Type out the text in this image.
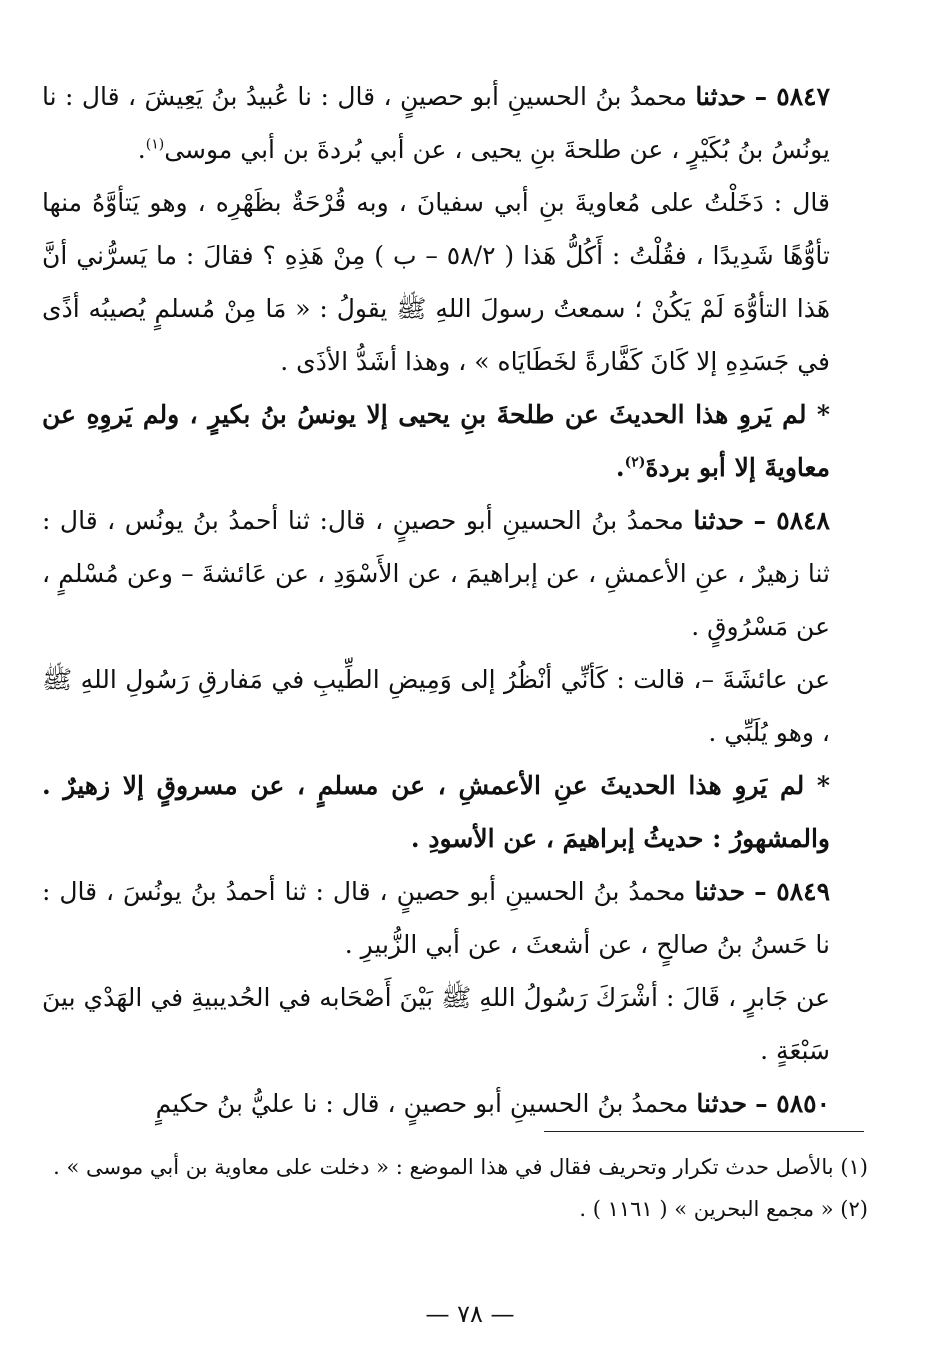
٥٨٤٧ – حدثنا محمدُ بنُ الحسينِ أبو حصينٍ ، قال : نا عُبيدُ بنُ يَعِيشَ ، قال : نا يونُسُ بنُ بُكَيْرٍ ، عن طلحةَ بنِ يحيى ، عن أبي بُردةَ بن أبي موسى$^{(١)}$.

قال : دَخَلْتُ على مُعاويةَ بنِ أبي سفيانَ ، وبه قُرْحَةٌ بظَهْرِه ، وهو يَتأوَّهُ منها تأوُّهًا شَدِيدًا ، فقُلْتُ : أَكُلُّ هَذا ( ٥٨/٢ – ب ) مِنْ هَذِهِ ؟ فقالَ : ما يَسرُّني أنَّ هَذا التأوُّهَ لَمْ يَكُنْ ؛ سمعتُ رسولَ اللهِ ﷺ يقولُ : « مَا مِنْ مُسلمٍ يُصيبُه أذًى في جَسَدِهِ إلا كَانَ كَفَّارةً لخَطَايَاه » ، وهذا أشَدُّ الأذَى .

* لم يَروِ هذا الحديثَ عن طلحةَ بنِ يحيى إلا يونسُ بنُ بكيرٍ ، ولم يَروِهِ عن معاويةَ إلا أبو بردةَ$^{(٢)}$.

٥٨٤٨ – حدثنا محمدُ بنُ الحسينِ أبو حصينٍ ، قال: ثنا أحمدُ بنُ يونُس ، قال : ثنا زهيرٌ ، عنِ الأعمشِ ، عن إبراهيمَ ، عن الأَسْوَدِ ، عن عَائشةَ – وعن مُسْلمٍ ، عن مَسْرُوقٍ .

عن عائشَةَ –، قالت : كَأنِّي أنْظُرُ إلى وَمِيضِ الطِّيبِ في مَفارقِ رَسُولِ اللهِ ﷺ ، وهو يُلَبِّي .

* لم يَروِ هذا الحديثَ عنِ الأعمشِ ، عن مسلمٍ ، عن مسروقٍ إلا زهيرٌ . والمشهورُ : حديثُ إبراهيمَ ، عن الأسودِ .

٥٨٤٩ – حدثنا محمدُ بنُ الحسينِ أبو حصينٍ ، قال : ثنا أحمدُ بنُ يونُسَ ، قال : نا حَسنُ بنُ صالحٍ ، عن أشعثَ ، عن أبي الزُّبيرِ .

عن جَابرٍ ، قَالَ : أشْرَكَ رَسُولُ اللهِ ﷺ بَيْنَ أَصْحَابه في الحُديبيةِ في الهَدْي بينَ سَبْعَةٍ .

٥٨٥٠ – حدثنا محمدُ بنُ الحسينِ أبو حصينٍ ، قال : نا عليُّ بنُ حكيمٍ

(١) بالأصل حدث تكرار وتحريف فقال في هذا الموضع : « دخلت على معاوية بن أبي موسى » .

(٢) « مجمع البحرين » ( ١١٦١ ) .

— ٧٨ —
